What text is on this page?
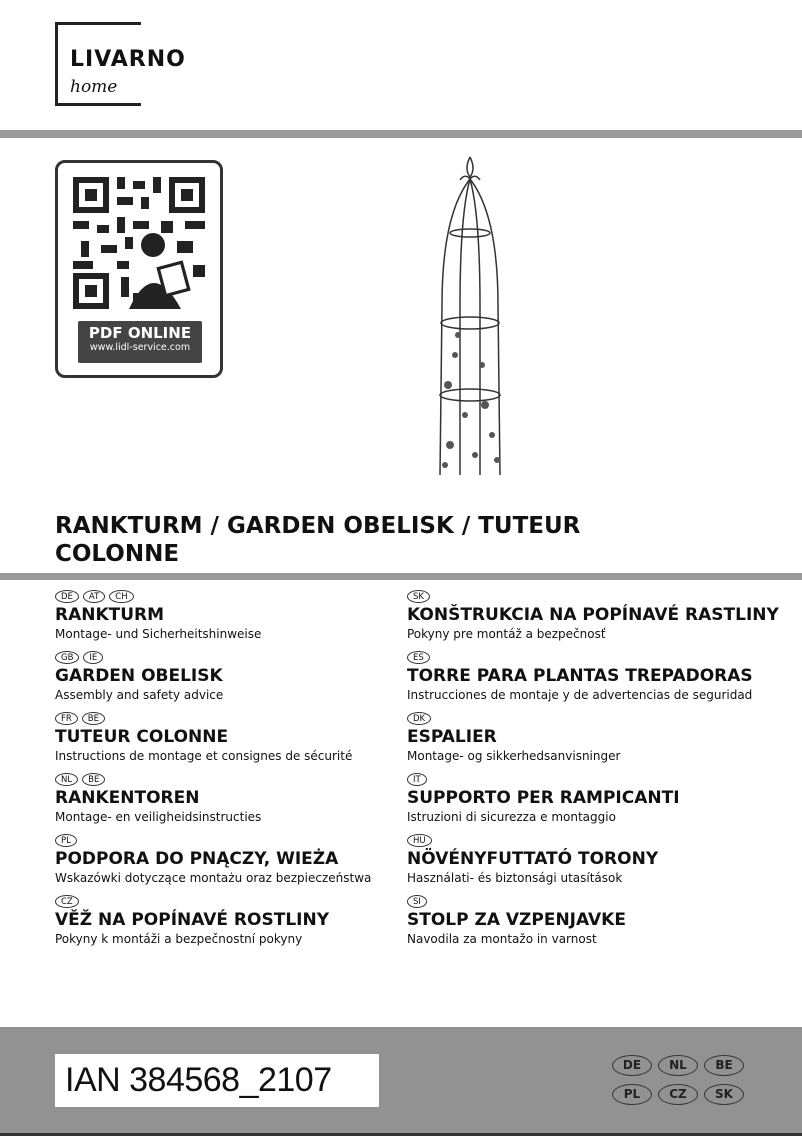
LIVARNO
home
PDF ONLINE
www.lidl-service.com
RANKTURM / GARDEN OBELISK / TUTEUR COLONNE
DE	AT	CH
RANKTURM
Montage- und Sicherheitshinweise
GB	IE
GARDEN OBELISK
Assembly and safety advice
FR	BE
TUTEUR COLONNE
Instructions de montage et consignes de sécurité
NL	BE
RANKENTOREN
Montage- en veiligheidsinstructies
PL
PODPORA DO PNĄCZY, WIEŻA
Wskazówki dotyczące montażu oraz bezpieczeństwa
CZ
VĚŽ NA POPÍNAVÉ ROSTLINY
Pokyny k montáži a bezpečnostní pokyny
SK
KONŠTRUKCIA NA POPÍNAVÉ RASTLINY
Pokyny pre montáž a bezpečnosť
ES
TORRE PARA PLANTAS TREPADORAS
Instrucciones de montaje y de advertencias de seguridad
DK
ESPALIER
Montage- og sikkerhedsanvisninger
IT
SUPPORTO PER RAMPICANTI
Istruzioni di sicurezza e montaggio
HU
NÖVÉNYFUTTATÓ TORONY
Használati- és biztonsági utasítások
SI
STOLP ZA VZPENJAVKE
Navodila za montažo in varnost
IAN 384568_2107	DE	NL	BE
PL	CZ	SK
